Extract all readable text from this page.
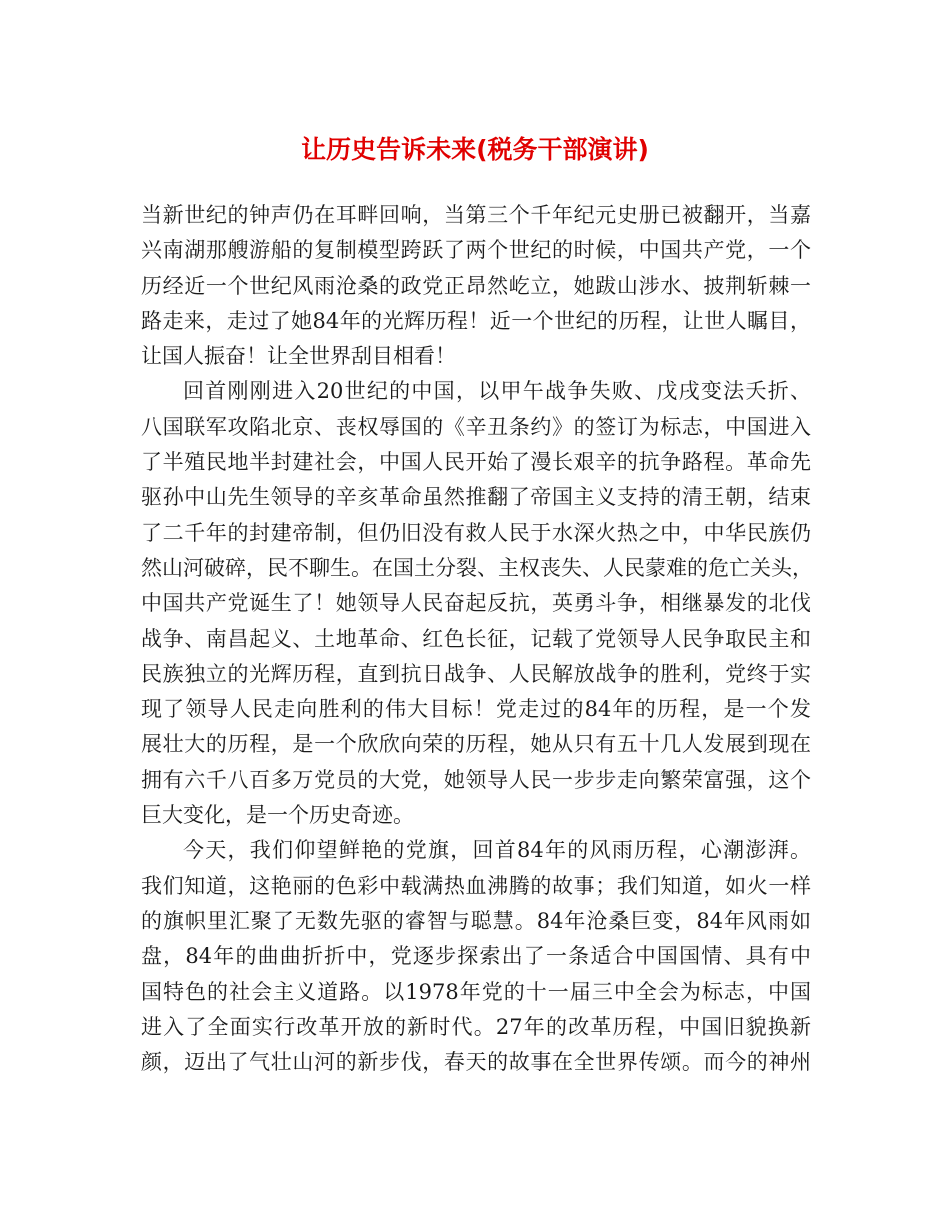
让历史告诉未来(税务干部演讲)
当新世纪的钟声仍在耳畔回响，当第三个千年纪元史册已被翻开，当嘉
兴南湖那艘游船的复制模型跨跃了两个世纪的时候，中国共产党，一个
历经近一个世纪风雨沧桑的政党正昂然屹立，她跋山涉水、披荆斩棘一
路走来，走过了她84年的光辉历程！近一个世纪的历程，让世人瞩目，
让国人振奋！让全世界刮目相看！
回首刚刚进入20世纪的中国，以甲午战争失败、戊戌变法夭折、
八国联军攻陷北京、丧权辱国的《辛丑条约》的签订为标志，中国进入
了半殖民地半封建社会，中国人民开始了漫长艰辛的抗争路程。革命先
驱孙中山先生领导的辛亥革命虽然推翻了帝国主义支持的清王朝，结束
了二千年的封建帝制，但仍旧没有救人民于水深火热之中，中华民族仍
然山河破碎，民不聊生。在国土分裂、主权丧失、人民蒙难的危亡关头，
中国共产党诞生了！她领导人民奋起反抗，英勇斗争，相继暴发的北伐
战争、南昌起义、土地革命、红色长征，记载了党领导人民争取民主和
民族独立的光辉历程，直到抗日战争、人民解放战争的胜利，党终于实
现了领导人民走向胜利的伟大目标！党走过的84年的历程，是一个发
展壮大的历程，是一个欣欣向荣的历程，她从只有五十几人发展到现在
拥有六千八百多万党员的大党，她领导人民一步步走向繁荣富强，这个
巨大变化，是一个历史奇迹。
今天，我们仰望鲜艳的党旗，回首84年的风雨历程，心潮澎湃。
我们知道，这艳丽的色彩中载满热血沸腾的故事；我们知道，如火一样
的旗帜里汇聚了无数先驱的睿智与聪慧。84年沧桑巨变，84年风雨如
盘，84年的曲曲折折中，党逐步探索出了一条适合中国国情、具有中
国特色的社会主义道路。以1978年党的十一届三中全会为标志，中国
进入了全面实行改革开放的新时代。27年的改革历程，中国旧貌换新
颜，迈出了气壮山河的新步伐，春天的故事在全世界传颂。而今的神州
